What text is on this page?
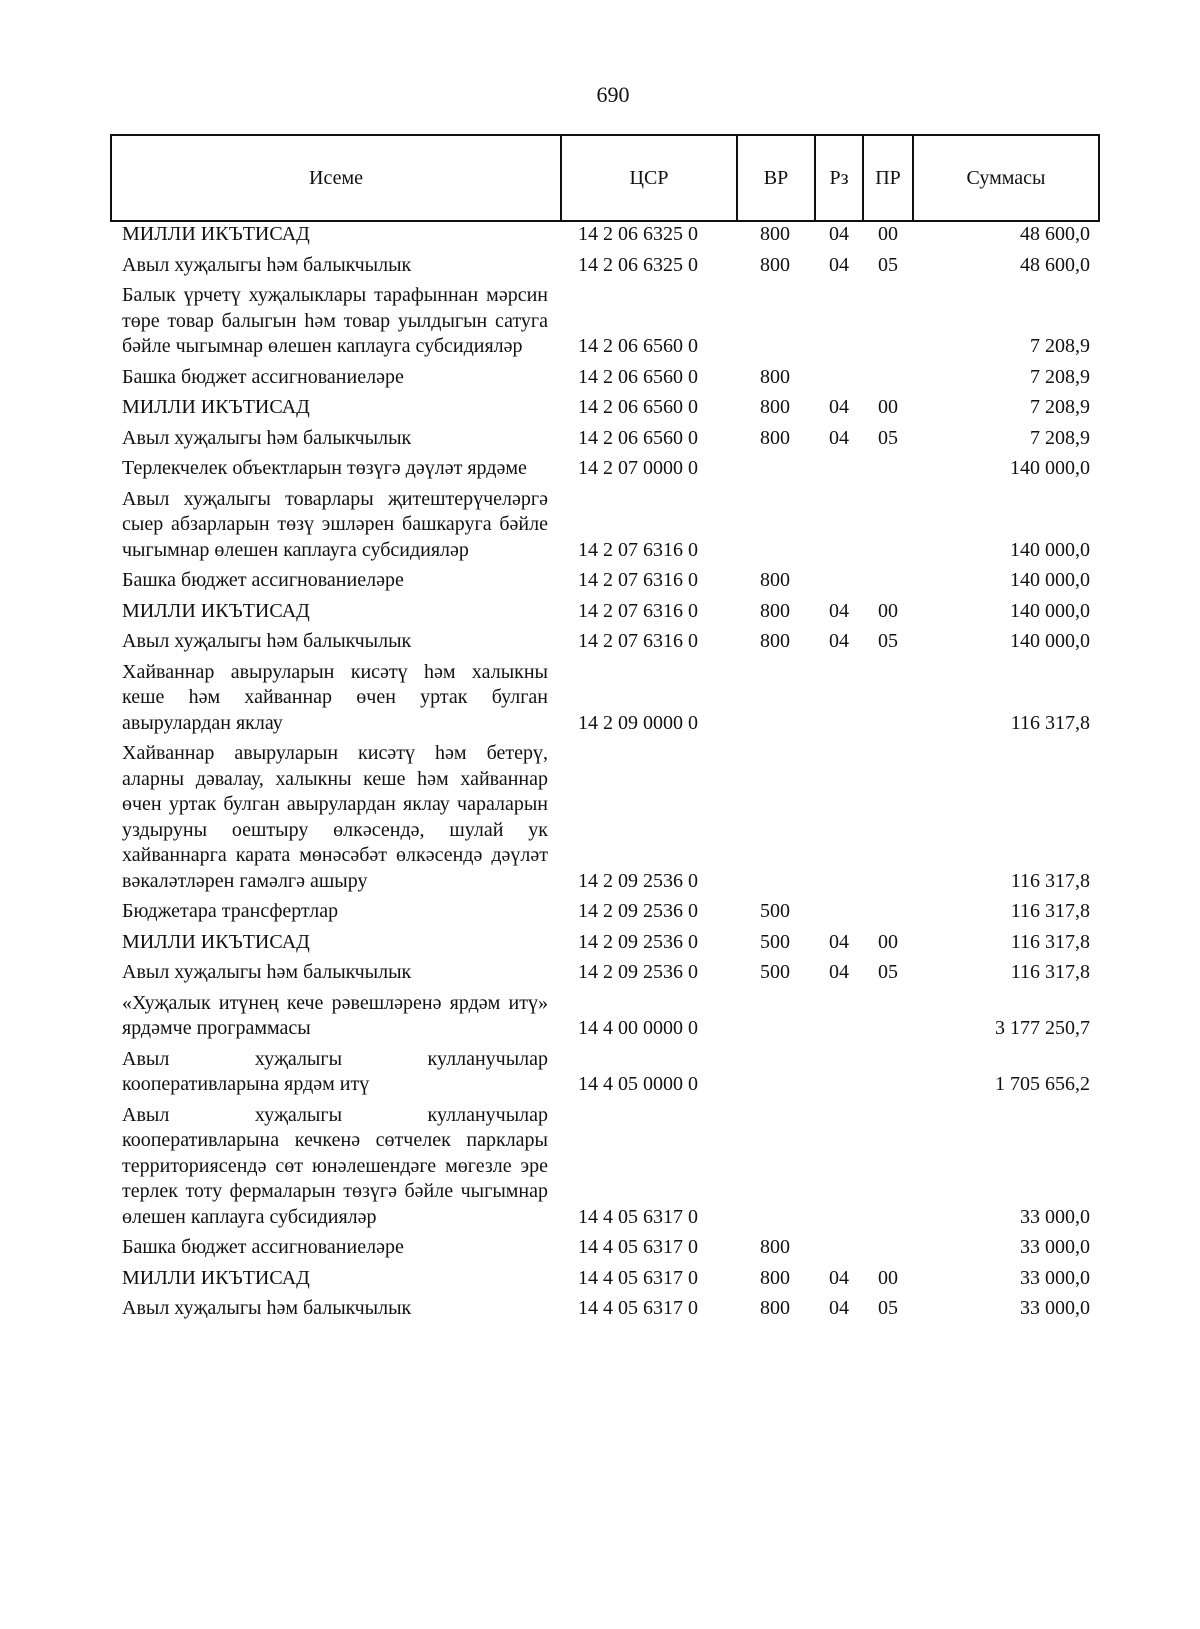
690
Исеме	ЦСР	ВР	Рз	ПР	Суммасы
МИЛЛИ ИКЪТИСАД	14 2 06 6325 0	800 04 00	48 600,0
Авыл хуҗалыгы һәм балыкчылык	14 2 06 6325 0	800 04 05	48 600,0
Балык үрчетү хуҗалыклары тарафыннан мәрсин төре товар балыгын һәм товар уылдыгын сатуга бәйле чыгымнар өлешен каплауга субсидияләр	14 2 06 6560 0	7 208,9
Башка бюджет ассигнованиеләре	14 2 06 6560 0	800	7 208,9
МИЛЛИ ИКЪТИСАД	14 2 06 6560 0	800 04 00	7 208,9
Авыл хуҗалыгы һәм балыкчылык	14 2 06 6560 0	800 04 05	7 208,9
Терлекчелек объектларын төзүгә дәүләт ярдәме	14 2 07 0000 0	140 000,0
Авыл хуҗалыгы товарлары җитештерүчеләргә сыер абзарларын төзү эшләрен башкаруга бәйле чыгымнар өлешен каплауга субсидияләр	14 2 07 6316 0	140 000,0
Башка бюджет ассигнованиеләре	14 2 07 6316 0	800	140 000,0
МИЛЛИ ИКЪТИСАД	14 2 07 6316 0	800 04 00	140 000,0
Авыл хуҗалыгы һәм балыкчылык	14 2 07 6316 0	800 04 05	140 000,0
Хайваннар авыруларын кисәтү һәм халыкны кеше һәм хайваннар өчен уртак булган авырулардан яклау	14 2 09 0000 0	116 317,8
Хайваннар авыруларын кисәтү һәм бетерү, аларны дәвалау, халыкны кеше һәм хайваннар өчен уртак булган авырулардан яклау чараларын уздыруны оештыру өлкәсендә, шулай ук хайваннарга карата мөнәсәбәт өлкәсендә дәүләт вәкаләтләрен гамәлгә ашыру	14 2 09 2536 0	116 317,8
Бюджетара трансфертлар	14 2 09 2536 0	500	116 317,8
МИЛЛИ ИКЪТИСАД	14 2 09 2536 0	500 04 00	116 317,8
Авыл хуҗалыгы һәм балыкчылык	14 2 09 2536 0	500 04 05	116 317,8
«Хуҗалык итүнең кече рәвешләренә ярдәм итү» ярдәмче программасы	14 4 00 0000 0	3 177 250,7
Авыл хуҗалыгы кулланучылар кооперативларына ярдәм итү	14 4 05 0000 0	1 705 656,2
Авыл хуҗалыгы кулланучылар кооперативларына кечкенә сөтчелек парклары территориясендә сөт юнәлешендәге мөгезле эре терлек тоту фермаларын төзүгә бәйле чыгымнар өлешен каплауга субсидияләр	14 4 05 6317 0	33 000,0
Башка бюджет ассигнованиеләре	14 4 05 6317 0	800	33 000,0
МИЛЛИ ИКЪТИСАД	14 4 05 6317 0	800 04 00	33 000,0
Авыл хуҗалыгы һәм балыкчылык	14 4 05 6317 0	800 04 05	33 000,0
